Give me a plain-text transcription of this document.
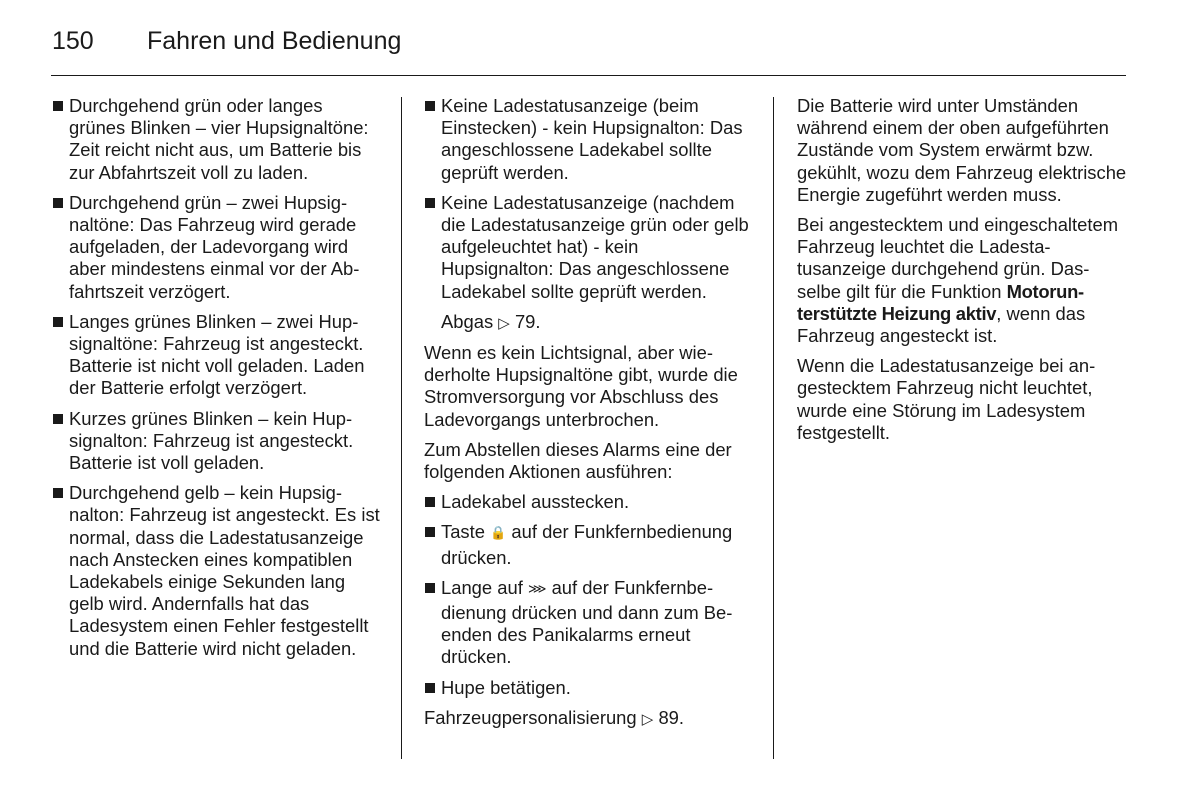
150 Fahren und Bedienung
Durchgehend grün oder langes grünes Blinken – vier Hupsignaltöne: Zeit reicht nicht aus, um Batterie bis zur Abfahrtszeit voll zu laden.
Durchgehend grün – zwei Hupsignaltöne: Das Fahrzeug wird gerade aufgeladen, der Ladevorgang wird aber mindestens einmal vor der Abfahrtszeit verzögert.
Langes grünes Blinken – zwei Hupsignaltöne: Fahrzeug ist angesteckt. Batterie ist nicht voll geladen. Laden der Batterie erfolgt verzögert.
Kurzes grünes Blinken – kein Hupsignalton: Fahrzeug ist angesteckt. Batterie ist voll geladen.
Durchgehend gelb – kein Hupsignalton: Fahrzeug ist angesteckt. Es ist normal, dass die Ladestatusanzeige nach Anstecken eines kompatiblen Ladekabels einige Sekunden lang gelb wird. Andernfalls hat das Ladesystem einen Fehler festgestellt und die Batterie wird nicht geladen.
Keine Ladestatusanzeige (beim Einstecken) - kein Hupsignalton: Das angeschlossene Ladekabel sollte geprüft werden.
Keine Ladestatusanzeige (nachdem die Ladestatusanzeige grün oder gelb aufgeleuchtet hat) - kein Hupsignalton: Das angeschlossene Ladekabel sollte geprüft werden.

Abgas ▷ 79.

Wenn es kein Lichtsignal, aber wiederholte Hupsignaltöne gibt, wurde die Stromversorgung vor Abschluss des Ladevorgangs unterbrochen.

Zum Abstellen dieses Alarms eine der folgenden Aktionen ausführen:

Ladekabel ausstecken.
Taste 🔒 auf der Funkfernbedienung drücken.
Lange auf ⋙ auf der Funkfernbedienung drücken und dann zum Beenden des Panikalarms erneut drücken.
Hupe betätigen.

Fahrzeugpersonalisierung ▷ 89.

Die Batterie wird unter Umständen während einem der oben aufgeführten Zustände vom System erwärmt bzw. gekühlt, wozu dem Fahrzeug elektrische Energie zugeführt werden muss.

Bei angestecktem und eingeschaltetem Fahrzeug leuchtet die Ladestatusanzeige durchgehend grün. Dasselbe gilt für die Funktion Motorunterstützte Heizung aktiv, wenn das Fahrzeug angesteckt ist.

Wenn die Ladestatusanzeige bei angestecktem Fahrzeug nicht leuchtet, wurde eine Störung im Ladesystem festgestellt.
